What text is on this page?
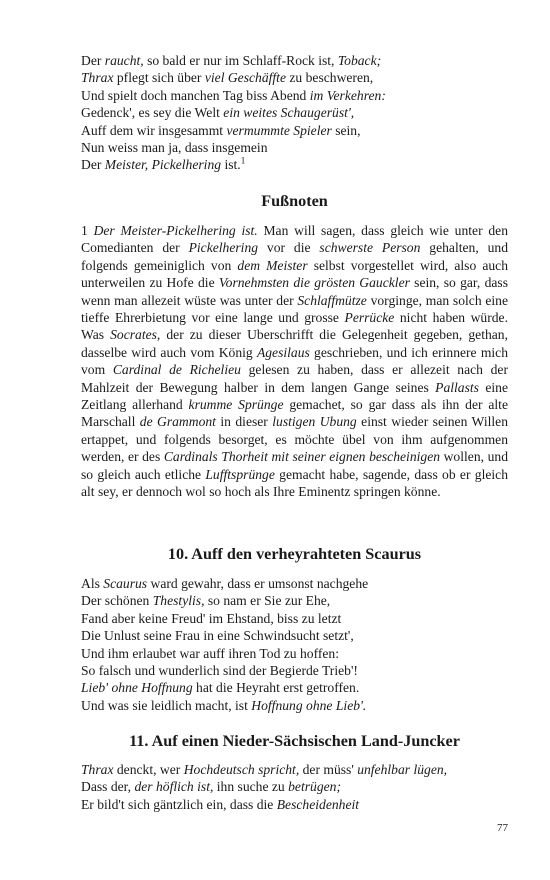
Der raucht, so bald er nur im Schlaff-Rock ist, Toback;
Thrax pflegt sich über viel Geschäffte zu beschweren,
Und spielt doch manchen Tag biss Abend im Verkehren:
Gedenck', es sey die Welt ein weites Schaugerüst',
Auff dem wir insgesammt vermummte Spieler sein,
Nun weiss man ja, dass insgemein
Der Meister, Pickelhering ist.$^1$
Fußnoten
1 Der Meister-Pickelhering ist. Man will sagen, dass gleich wie unter den Comedianten der Pickelhering vor die schwerste Person gehalten, und folgends gemeiniglich von dem Meister selbst vorgestellet wird, also auch unterweilen zu Hofe die Vornehmsten die grösten Gauckler sein, so gar, dass wenn man allezeit wüste was unter der Schlaffmütze vorginge, man solch eine tieffe Ehrerbietung vor eine lange und grosse Perrücke nicht haben würde. Was Socrates, der zu dieser Uberschrifft die Gelegenheit gegeben, gethan, dasselbe wird auch vom König Agesilaus geschrieben, und ich erinnere mich vom Cardinal de Richelieu gelesen zu haben, dass er allezeit nach der Mahlzeit der Bewegung halber in dem langen Gange seines Pallasts eine Zeitlang allerhand krumme Sprünge gemachet, so gar dass als ihn der alte Marschall de Grammont in dieser lustigen Ubung einst wieder seinen Willen ertappet, und folgends besorget, es möchte übel von ihm aufgenommen werden, er des Cardinals Thorheit mit seiner eignen bescheinigen wollen, und so gleich auch etliche Lufftsprünge gemacht habe, sagende, dass ob er gleich alt sey, er dennoch wol so hoch als Ihre Eminentz springen könne.
10. Auff den verheyrahteten Scaurus
Als Scaurus ward gewahr, dass er umsonst nachgehe
Der schönen Thestylis, so nam er Sie zur Ehe,
Fand aber keine Freud' im Ehstand, biss zu letzt
Die Unlust seine Frau in eine Schwindsucht setzt',
Und ihm erlaubet war auff ihren Tod zu hoffen:
So falsch und wunderlich sind der Begierde Trieb'!
Lieb' ohne Hoffnung hat die Heyraht erst getroffen.
Und was sie leidlich macht, ist Hoffnung ohne Lieb'.
11. Auf einen Nieder-Sächsischen Land-Juncker
Thrax denckt, wer Hochdeutsch spricht, der müss' unfehlbar lügen,
Dass der, der höflich ist, ihn suche zu betrügen;
Er bild't sich gäntzlich ein, dass die Bescheidenheit
77
